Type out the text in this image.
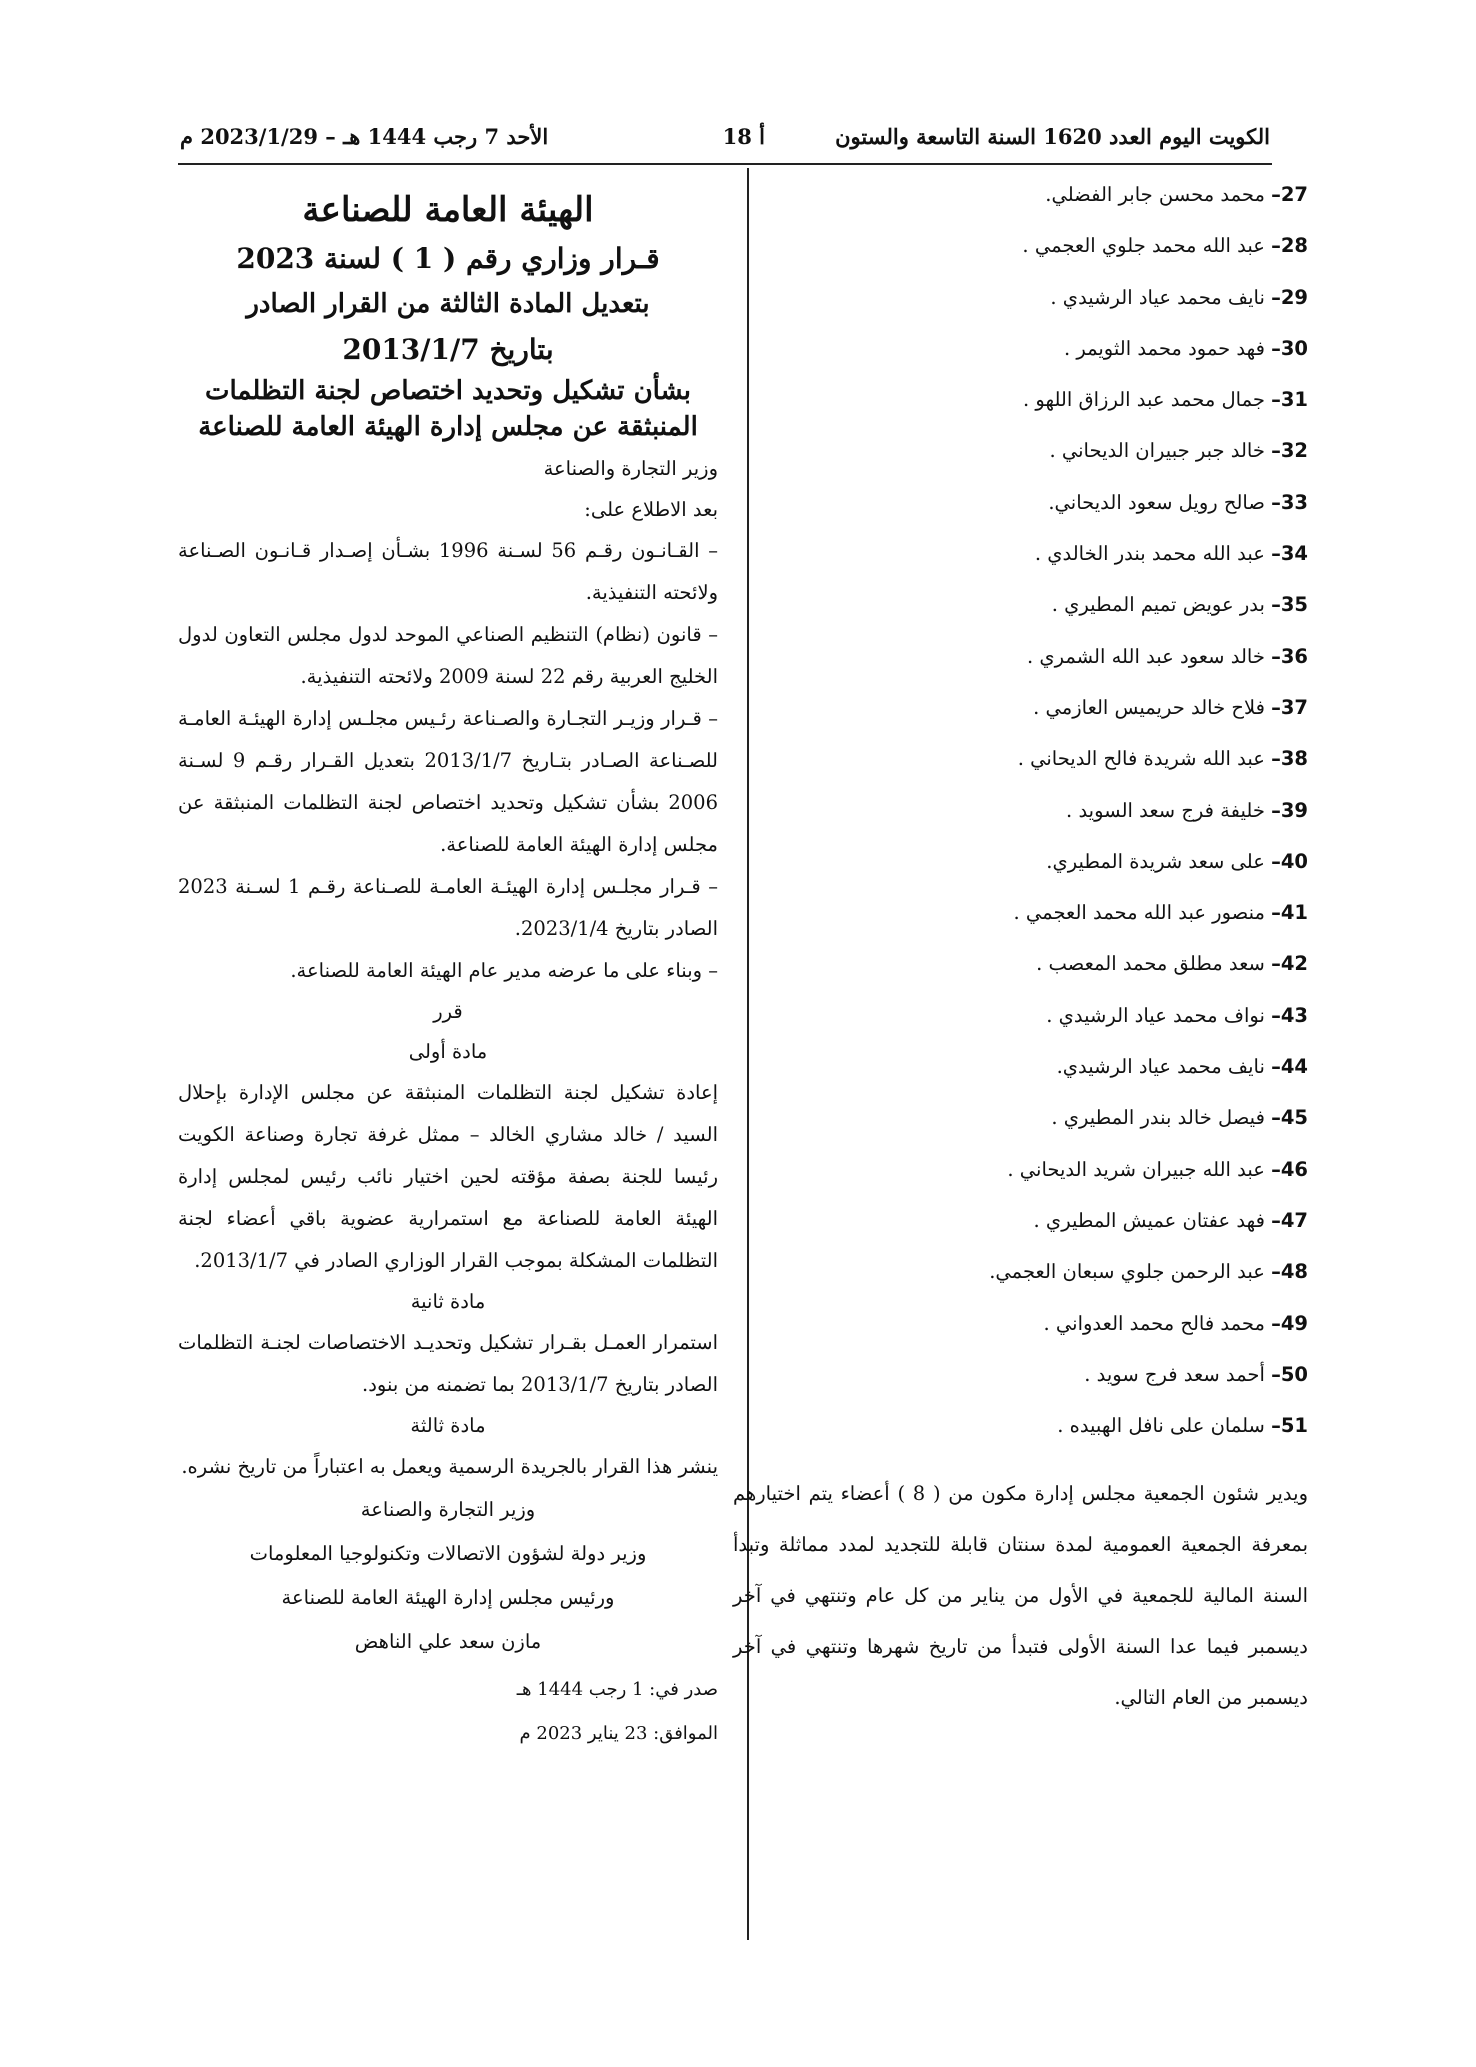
الكويت اليوم العدد 1620 السنة التاسعة والستون
أ 18
الأحد 7 رجب 1444 هـ – 2023/1/29 م
27– محمد محسن جابر الفضلي.
28– عبد الله محمد جلوي العجمي .
29– نايف محمد عياد الرشيدي .
30– فهد حمود محمد الثويمر .
31– جمال محمد عبد الرزاق اللهو .
32– خالد جبر جبيران الديحاني .
33– صالح رويل سعود الديحاني.
34– عبد الله محمد بندر الخالدي .
35– بدر عويض تميم المطيري .
36– خالد سعود عبد الله الشمري .
37– فلاح خالد حريميس العازمي .
38– عبد الله شريدة فالح الديحاني .
39– خليفة فرج سعد السويد .
40– على سعد شريدة المطيري.
41– منصور عبد الله محمد العجمي .
42– سعد مطلق محمد المعصب .
43– نواف محمد عياد الرشيدي .
44– نايف محمد عياد الرشيدي.
45– فيصل خالد بندر المطيري .
46– عبد الله جبيران شريد الديحاني .
47– فهد عفتان عميش المطيري .
48– عبد الرحمن جلوي سبعان العجمي.
49– محمد فالح محمد العدواني .
50– أحمد سعد فرج سويد .
51– سلمان على نافل الهبيده .
ويدير شئون الجمعية مجلس إدارة مكون من ( 8 ) أعضاء يتم اختيارهم بمعرفة الجمعية العمومية لمدة سنتان قابلة للتجديد لمدد مماثلة وتبدأ السنة المالية للجمعية في الأول من يناير من كل عام وتنتهي في آخر ديسمبر فيما عدا السنة الأولى فتبدأ من تاريخ شهرها وتنتهي في آخر ديسمبر من العام التالي.
الهيئة العامة للصناعة
قـرار وزاري رقم ( 1 ) لسنة 2023
بتعديل المادة الثالثة من القرار الصادر
بتاريخ 2013/1/7
بشأن تشكيل وتحديد اختصاص لجنة التظلمات
المنبثقة عن مجلس إدارة الهيئة العامة للصناعة
وزير التجارة والصناعة
بعد الاطلاع على:
– القـانـون رقـم 56 لسـنة 1996 بشـأن إصـدار قـانـون الصـناعة ولائحته التنفيذية.
– قانون (نظام) التنظيم الصناعي الموحد لدول مجلس التعاون لدول الخليج العربية رقم 22 لسنة 2009 ولائحته التنفيذية.
– قـرار وزيـر التجـارة والصـناعة رئـيس مجلـس إدارة الهيئـة العامـة للصـناعة الصـادر بتـاريخ 2013/1/7 بتعديل القـرار رقـم 9 لسـنة 2006 بشأن تشكيل وتحديد اختصاص لجنة التظلمات المنبثقة عن مجلس إدارة الهيئة العامة للصناعة.
– قـرار مجلـس إدارة الهيئـة العامـة للصـناعة رقـم 1 لسـنة 2023 الصادر بتاريخ 2023/1/4.
– وبناء على ما عرضه مدير عام الهيئة العامة للصناعة.
قرر
مادة أولى
إعادة تشكيل لجنة التظلمات المنبثقة عن مجلس الإدارة بإحلال السيد / خالد مشاري الخالد – ممثل غرفة تجارة وصناعة الكويت رئيسا للجنة بصفة مؤقته لحين اختيار نائب رئيس لمجلس إدارة الهيئة العامة للصناعة مع استمرارية عضوية باقي أعضاء لجنة التظلمات المشكلة بموجب القرار الوزاري الصادر في 2013/1/7.
مادة ثانية
استمرار العمـل بقـرار تشكيل وتحديـد الاختصاصات لجنـة التظلمات الصادر بتاريخ 2013/1/7 بما تضمنه من بنود.
مادة ثالثة
ينشر هذا القرار بالجريدة الرسمية ويعمل به اعتباراً من تاريخ نشره.
وزير التجارة والصناعة
وزير دولة لشؤون الاتصالات وتكنولوجيا المعلومات
ورئيس مجلس إدارة الهيئة العامة للصناعة
مازن سعد علي الناهض
صدر في: 1 رجب 1444 هـ
الموافق: 23 يناير 2023 م
